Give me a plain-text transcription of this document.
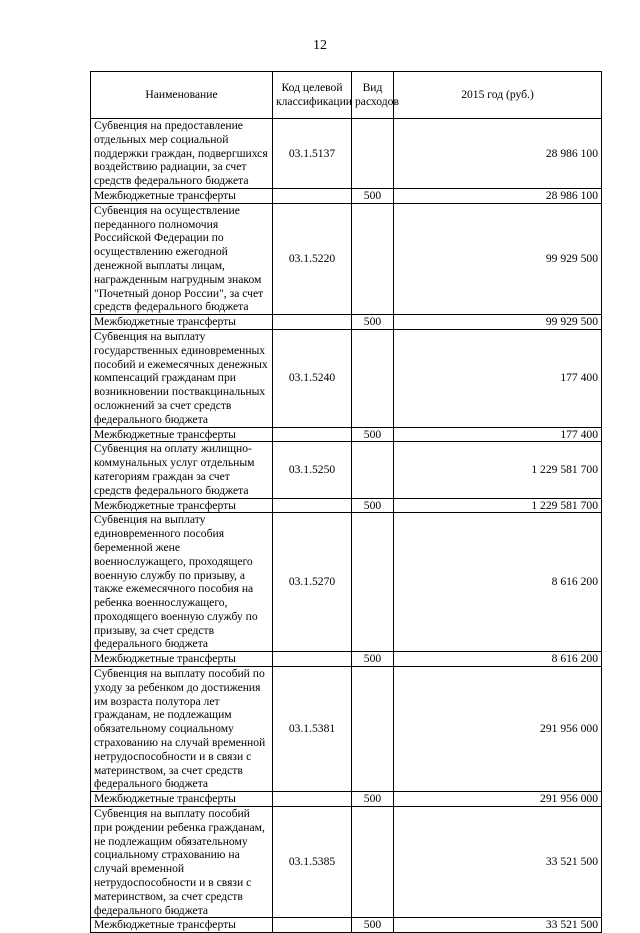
12
Наименование	Код целевой классификации	Вид расходов	2015 год (руб.)
Субвенция на предоставление отдельных мер социальной поддержки граждан, подвергшихся воздействию радиации, за счет средств федерального бюджета	03.1.5137		28 986 100
Межбюджетные трансферты		500	28 986 100
Субвенция на осуществление переданного полномочия Российской Федерации по осуществлению ежегодной денежной выплаты лицам, награжденным нагрудным знаком "Почетный донор России", за счет средств федерального бюджета	03.1.5220		99 929 500
Межбюджетные трансферты		500	99 929 500
Субвенция на выплату государственных единовременных пособий и ежемесячных денежных компенсаций гражданам при возникновении поствакцинальных осложнений за счет средств федерального бюджета	03.1.5240		177 400
Межбюджетные трансферты		500	177 400
Субвенция на оплату жилищно-коммунальных услуг отдельным категориям граждан за счет средств федерального бюджета	03.1.5250		1 229 581 700
Межбюджетные трансферты		500	1 229 581 700
Субвенция на выплату единовременного пособия беременной жене военнослужащего, проходящего военную службу по призыву, а также ежемесячного пособия на ребенка военнослужащего, проходящего военную службу по призыву, за счет средств федерального бюджета	03.1.5270		8 616 200
Межбюджетные трансферты		500	8 616 200
Субвенция на выплату пособий по уходу за ребенком до достижения им возраста полутора лет гражданам, не подлежащим обязательному социальному страхованию на случай временной нетрудоспособности и в связи с материнством, за счет средств федерального бюджета	03.1.5381		291 956 000
Межбюджетные трансферты		500	291 956 000
Субвенция на выплату пособий при рождении ребенка гражданам, не подлежащим обязательному социальному страхованию на случай временной нетрудоспособности и в связи с материнством, за счет средств федерального бюджета	03.1.5385		33 521 500
Межбюджетные трансферты		500	33 521 500
